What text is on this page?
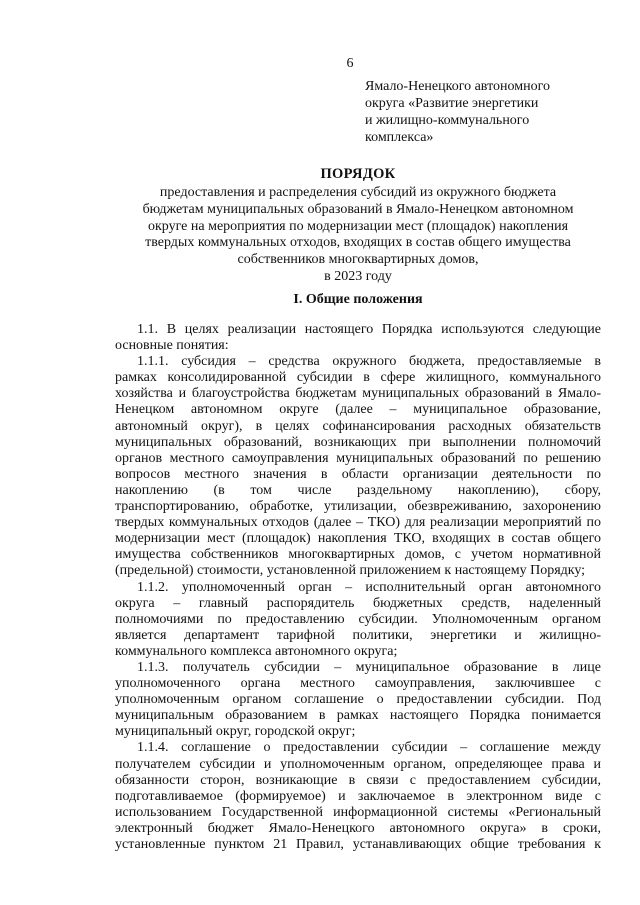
6
Ямало-Ненецкого автономного
округа «Развитие энергетики
и жилищно-коммунального
комплекса»
ПОРЯДОК
предоставления и распределения субсидий из окружного бюджета
бюджетам муниципальных образований в Ямало-Ненецком автономном
округе на мероприятия по модернизации мест (площадок) накопления
твердых коммунальных отходов, входящих в состав общего имущества
собственников многоквартирных домов,
в 2023 году
I. Общие положения
1.1. В целях реализации настоящего Порядка используются следующие
основные понятия:
1.1.1. субсидия – средства окружного бюджета, предоставляемые в
рамках консолидированной субсидии в сфере жилищного, коммунального
хозяйства и благоустройства бюджетам муниципальных образований в Ямало-
Ненецком автономном округе (далее – муниципальное образование,
автономный округ), в целях софинансирования расходных обязательств
муниципальных образований, возникающих при выполнении полномочий
органов местного самоуправления муниципальных образований по решению
вопросов местного значения в области организации деятельности по
накоплению (в том числе раздельному накоплению), сбору,
транспортированию, обработке, утилизации, обезвреживанию, захоронению
твердых коммунальных отходов (далее – ТКО) для реализации мероприятий по
модернизации мест (площадок) накопления ТКО, входящих в состав общего
имущества собственников многоквартирных домов, с учетом нормативной
(предельной) стоимости, установленной приложением к настоящему Порядку;
1.1.2. уполномоченный орган – исполнительный орган автономного
округа – главный распорядитель бюджетных средств, наделенный
полномочиями по предоставлению субсидии. Уполномоченным органом
является департамент тарифной политики, энергетики и жилищно-
коммунального комплекса автономного округа;
1.1.3. получатель субсидии – муниципальное образование в лице
уполномоченного органа местного самоуправления, заключившее с
уполномоченным органом соглашение о предоставлении субсидии. Под
муниципальным образованием в рамках настоящего Порядка понимается
муниципальный округ, городской округ;
1.1.4. соглашение о предоставлении субсидии – соглашение между
получателем субсидии и уполномоченным органом, определяющее права и
обязанности сторон, возникающие в связи с предоставлением субсидии,
подготавливаемое (формируемое) и заключаемое в электронном виде с
использованием Государственной информационной системы «Региональный
электронный бюджет Ямало-Ненецкого автономного округа» в сроки,
установленные пунктом 21 Правил, устанавливающих общие требования к
